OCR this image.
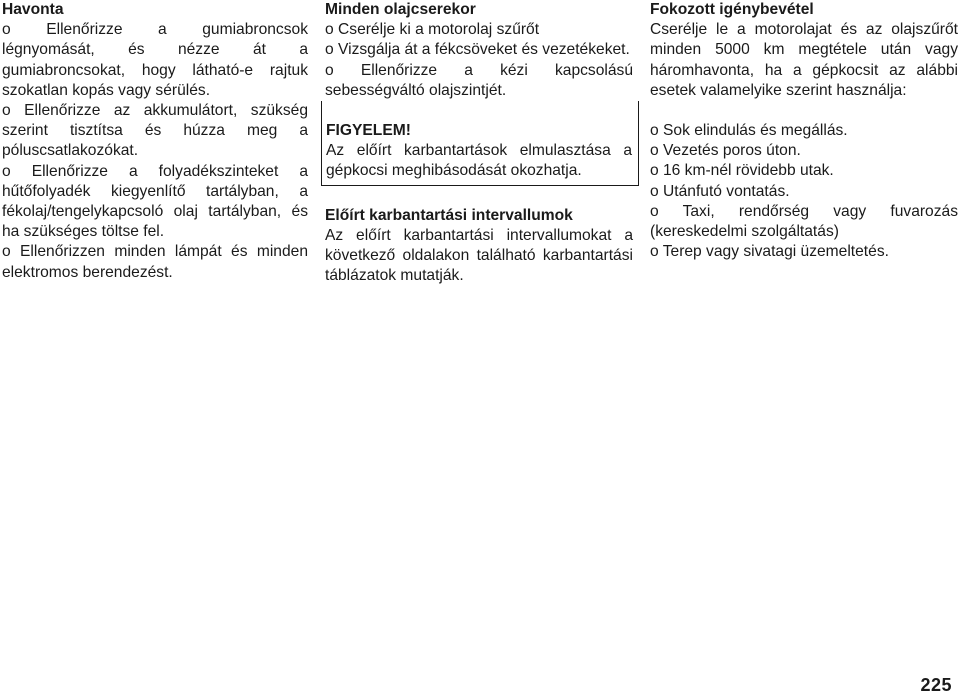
Havonta

o Ellenőrizze a gumiabroncsok légnyomását, és nézze át a gumiabroncsokat, hogy látható-e rajtuk szokatlan kopás vagy sérülés.

o Ellenőrizze az akkumulátort, szükség szerint tisztítsa és húzza meg a póluscsatlakozókat.

o Ellenőrizze a folyadékszinteket a hűtőfolyadék kiegyenlítő tartályban, a fékolaj/tengelykapcsoló olaj tartályban, és ha szükséges töltse fel.

o Ellenőrizzen minden lámpát és minden elektromos berendezést.

Minden olajcserekor

o Cserélje ki a motorolaj szűrőt

o Vizsgálja át a fékcsöveket és vezetékeket.

o Ellenőrizze a kézi kapcsolású sebességváltó olajszintjét.

FIGYELEM!

Az előírt karbantartások elmulasztása a gépkocsi meghibásodását okozhatja.

Előírt karbantartási intervallumok

Az előírt karbantartási intervallumokat a következő oldalakon található karbantartási táblázatok mutatják.

Fokozott igénybevétel

Cserélje le a motorolajat és az olajszűrőt minden 5000 km megtétele után vagy háromhavonta, ha a gépkocsit az alábbi esetek valamelyike szerint használja:

o Sok elindulás és megállás.

o Vezetés poros úton.

o 16 km-nél rövidebb utak.

o Utánfutó vontatás.

o Taxi, rendőrség vagy fuvarozás (kereskedelmi szolgáltatás)

o Terep vagy sivatagi üzemeltetés.

225
